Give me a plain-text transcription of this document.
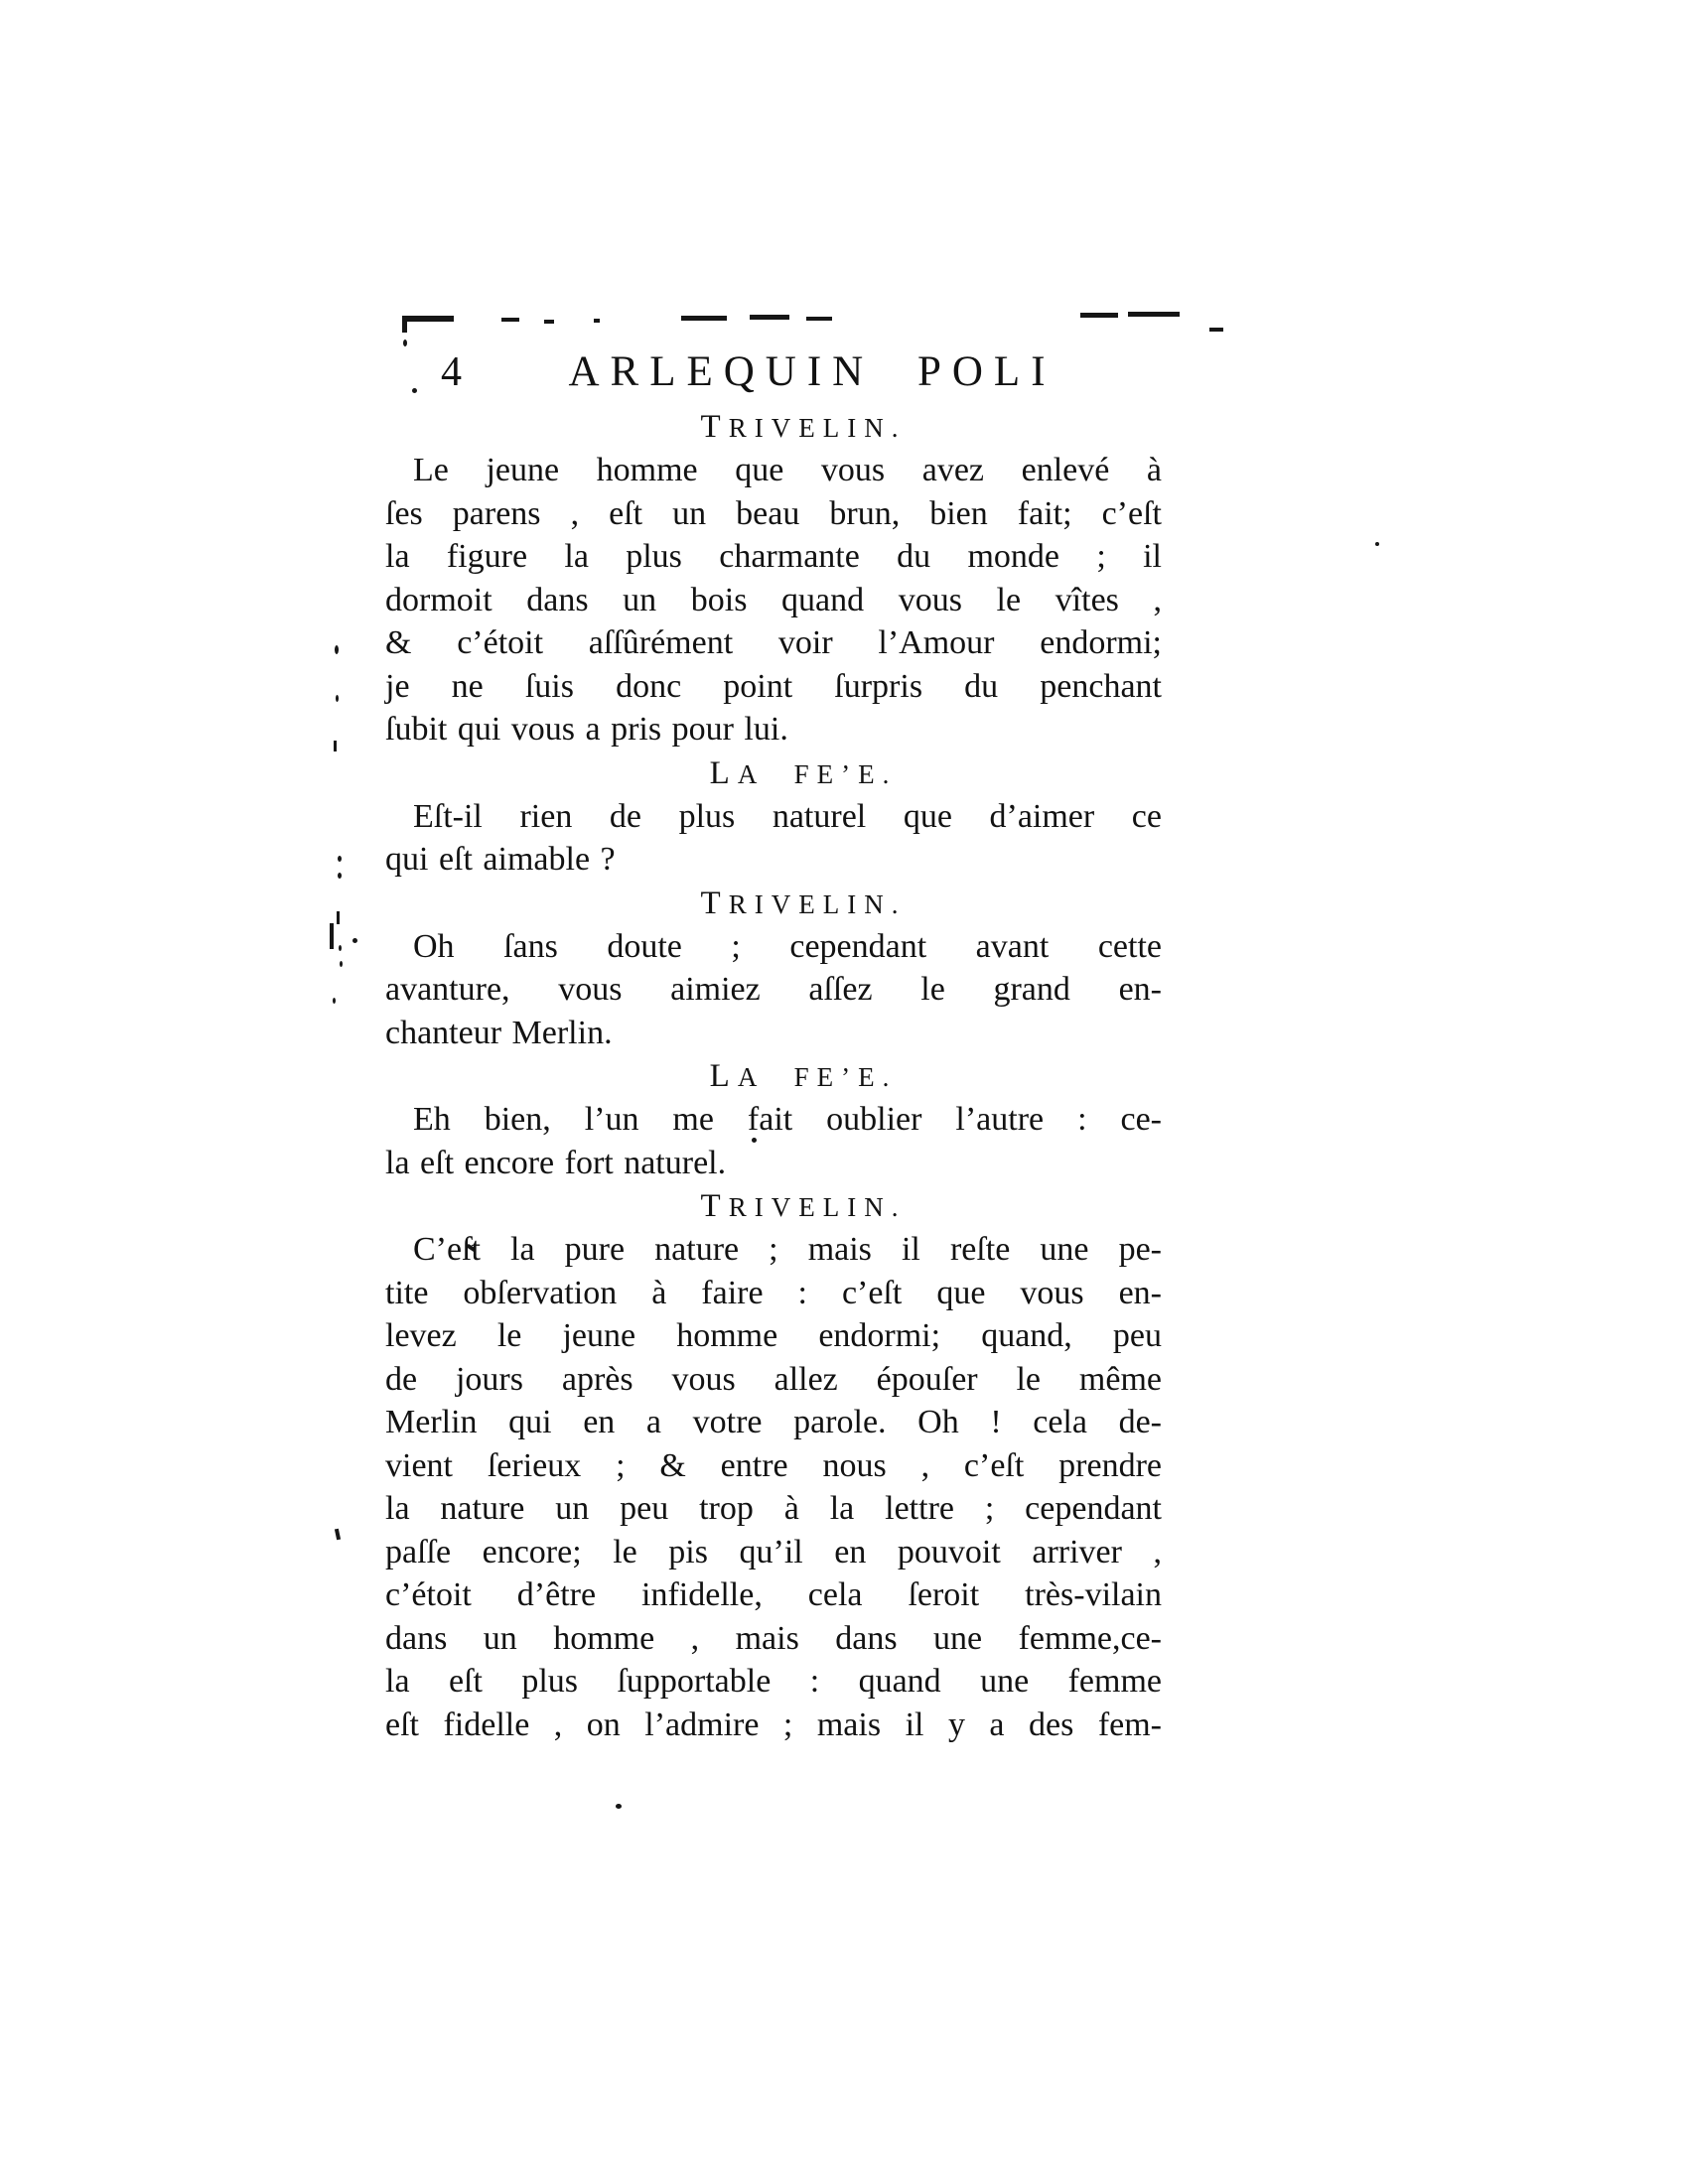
4	ARLEQUIN POLI
TRIVELIN.
Le jeune homme que vous avez enlevé à
ſes parens , eſt un beau brun, bien fait; c’eſt
la figure la plus charmante du monde ; il
dormoit dans un bois quand vous le vîtes ,
& c’étoit aſſûrément voir l’Amour endormi;
je ne ſuis donc point ſurpris du penchant
ſubit qui vous a pris pour lui.
LA FE’E.
Eſt-il rien de plus naturel que d’aimer ce
qui eſt aimable ?
TRIVELIN.
Oh ſans doute ; cependant avant cette
avanture, vous aimiez aſſez le grand en-
chanteur Merlin.
LA FE’E.
Eh bien, l’un me fait oublier l’autre : ce-
la eſt encore fort naturel.
TRIVELIN.
C’eſt la pure nature ; mais il reſte une pe-
tite obſervation à faire : c’eſt que vous en-
levez le jeune homme endormi; quand, peu
de jours après vous allez épouſer le même
Merlin qui en a votre parole. Oh ! cela de-
vient ſerieux ; & entre nous , c’eſt prendre
la nature un peu trop à la lettre ; cependant
paſſe encore; le pis qu’il en pouvoit arriver ,
c’étoit d’être infidelle, cela ſeroit très-vilain
dans un homme , mais dans une femme,ce-
la eſt plus ſupportable : quand une femme
eſt fidelle , on l’admire ; mais il y a des fem-
